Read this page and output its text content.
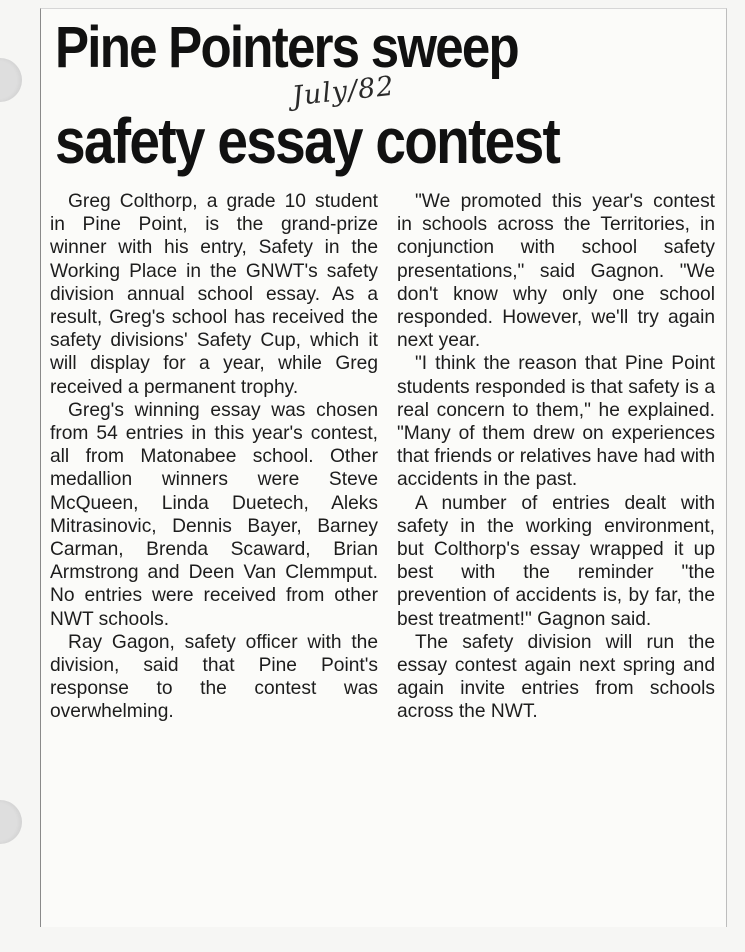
Pine Pointers sweep
July/82
safety essay contest

Greg Colthorp, a grade 10 student in Pine Point, is the grand-prize winner with his entry, Safety in the Working Place in the GNWT's safety division annual school essay. As a result, Greg's school has received the safety divisions' Safety Cup, which it will display for a year, while Greg received a permanent trophy.

Greg's winning essay was chosen from 54 entries in this year's contest, all from Matonabee school. Other medallion winners were Steve McQueen, Linda Duetech, Aleks Mitrasinovic, Dennis Bayer, Barney Carman, Brenda Scaward, Brian Armstrong and Deen Van Clemmput. No entries were received from other NWT schools.

Ray Gagon, safety officer with the division, said that Pine Point's response to the contest was overwhelming.

"We promoted this year's contest in schools across the Territories, in conjunction with school safety presentations," said Gagnon. "We don't know why only one school responded. However, we'll try again next year.

"I think the reason that Pine Point students responded is that safety is a real concern to them," he explained. "Many of them drew on experiences that friends or relatives have had with accidents in the past.

A number of entries dealt with safety in the working environment, but Colthorp's essay wrapped it up best with the reminder "the prevention of accidents is, by far, the best treatment!" Gagnon said.

The safety division will run the essay contest again next spring and again invite entries from schools across the NWT.
